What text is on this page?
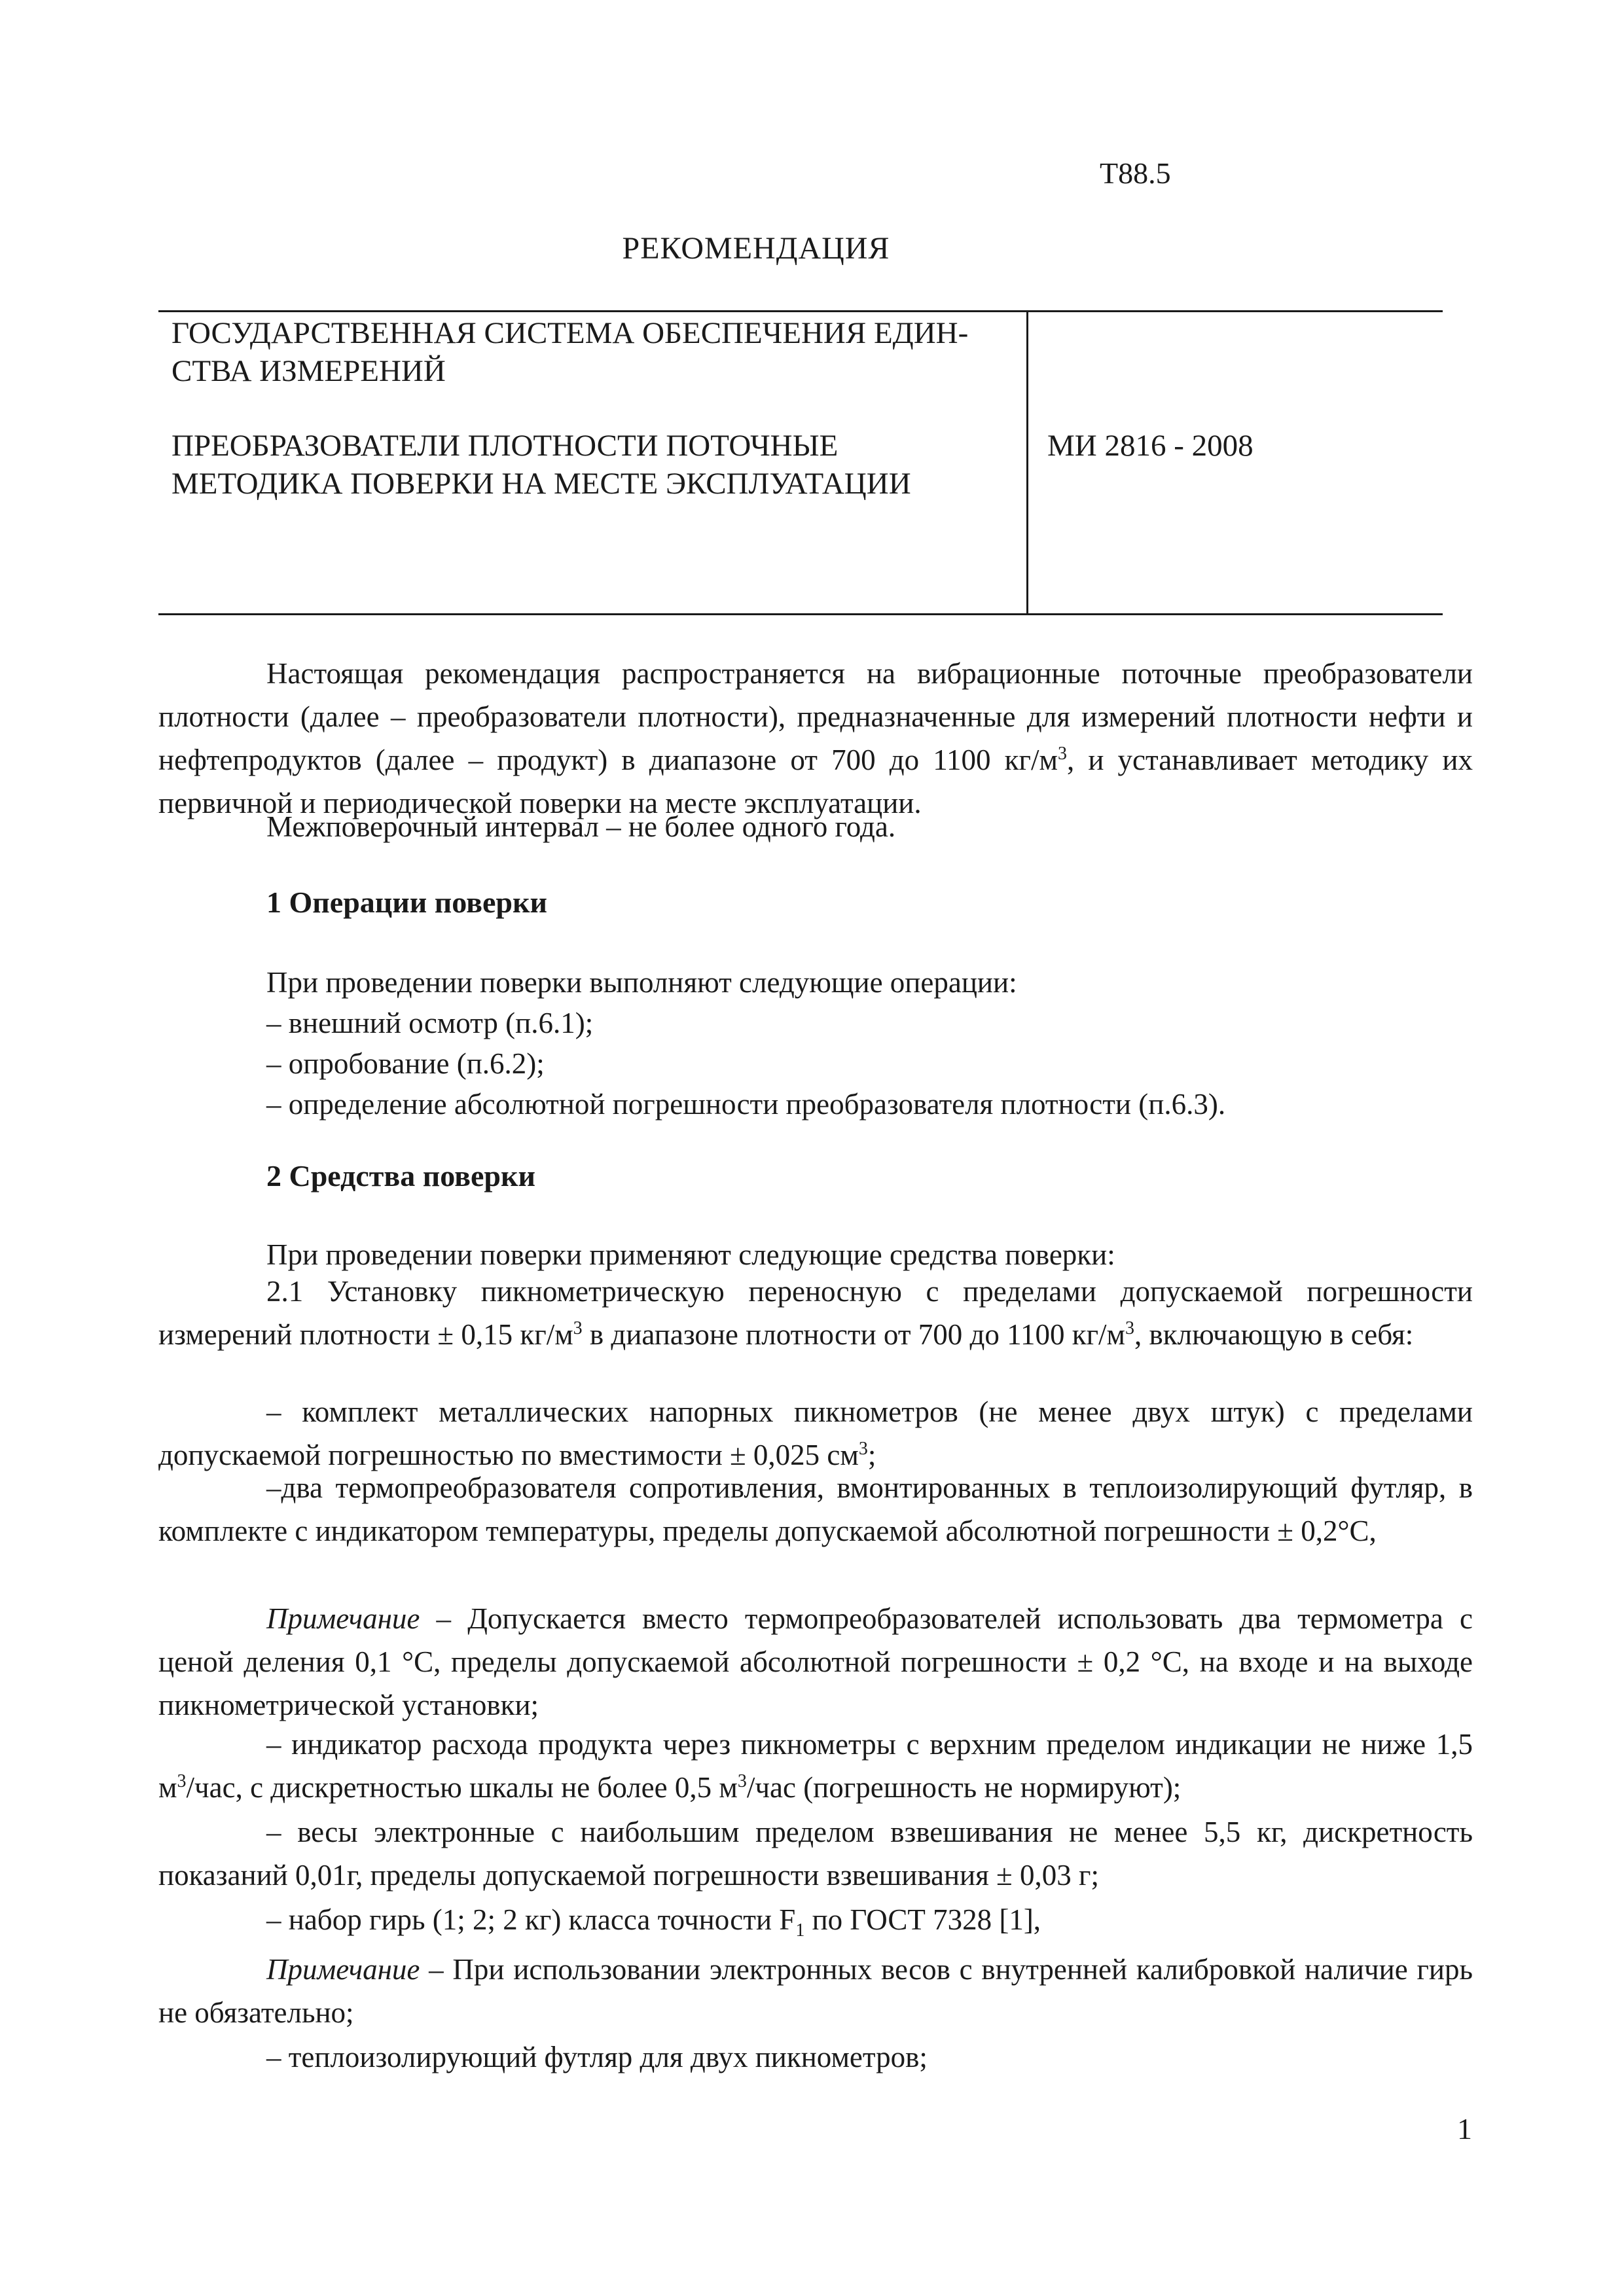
Т88.5
РЕКОМЕНДАЦИЯ
ГОСУДАРСТВЕННАЯ СИСТЕМА ОБЕСПЕЧЕНИЯ ЕДИН-
СТВА ИЗМЕРЕНИЙ
ПРЕОБРАЗОВАТЕЛИ ПЛОТНОСТИ ПОТОЧНЫЕ
МЕТОДИКА ПОВЕРКИ НА МЕСТЕ ЭКСПЛУАТАЦИИ
МИ 2816 - 2008
Настоящая рекомендация распространяется на вибрационные поточные преобразователи плотности (далее – преобразователи плотности), предназначенные для измерений плотности нефти и нефтепродуктов (далее – продукт) в диапазоне от 700 до 1100 $кг/м^3$, и устанавливает методику их первичной и периодической поверки на месте эксплуатации.
Межповерочный интервал – не более одного года.
1 Операции поверки
При проведении поверки выполняют следующие операции:
– внешний осмотр (п.6.1);
– опробование (п.6.2);
– определение абсолютной погрешности преобразователя плотности (п.6.3).
2 Средства поверки
При проведении поверки применяют следующие средства поверки:
2.1 Установку пикнометрическую переносную с пределами допускаемой погрешности измерений плотности ± 0,15 $кг/м^3$ в диапазоне плотности от 700 до 1100 $кг/м^3$, включающую в себя:
– комплект металлических напорных пикнометров (не менее двух штук) с пределами допускаемой погрешностью по вместимости ± 0,025 $см^3$;
–два термопреобразователя сопротивления, вмонтированных в теплоизолирующий футляр, в комплекте с индикатором температуры, пределы допускаемой абсолютной погрешности ± 0,2°С,
Примечание – Допускается вместо термопреобразователей использовать два термометра с ценой деления 0,1 °С, пределы допускаемой абсолютной погрешности ± 0,2 °С, на входе и на выходе пикнометрической установки;
– индикатор расхода продукта через пикнометры с верхним пределом индикации не ниже 1,5 $м^3$/час, с дискретностью шкалы не более 0,5 $м^3$/час (погрешность не нормируют);
– весы электронные с наибольшим пределом взвешивания не менее 5,5 кг, дискретность показаний 0,01г, пределы допускаемой погрешности взвешивания ± 0,03 г;
– набор гирь (1; 2; 2 кг) класса точности $F_1$ по ГОСТ 7328 [1],
Примечание – При использовании электронных весов с внутренней калибровкой наличие гирь не обязательно;
– теплоизолирующий футляр для двух пикнометров;
1
